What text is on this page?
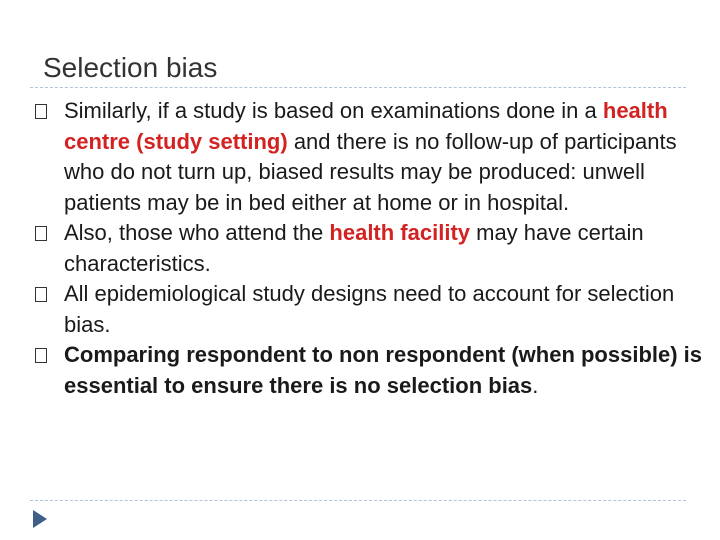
Selection bias
Similarly, if a study is based on examinations done in a health centre (study setting) and there is no follow-up of participants who do not turn up, biased results may be produced: unwell patients may be in bed either at home or in hospital.
Also, those who attend the health facility may have certain characteristics.
All epidemiological study designs need to account for selection bias.
Comparing respondent to non respondent (when possible) is essential to ensure there is no selection bias.
